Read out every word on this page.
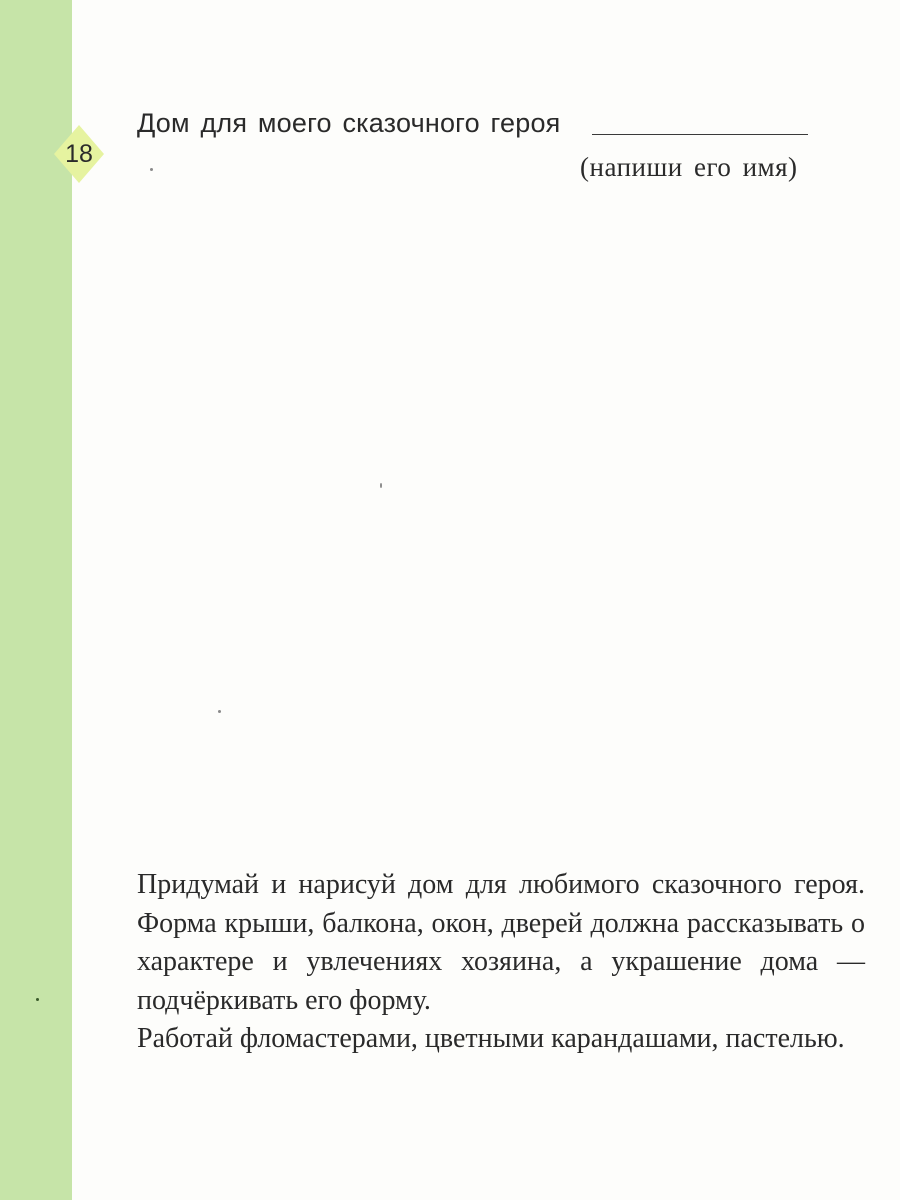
18
Дом для моего сказочного героя
(напиши его имя)

Придумай и нарисуй дом для любимого сказочного героя. Форма крыши, балкона, окон, дверей должна рассказывать о характере и увлечениях хозяина, а украшение дома — подчёркивать его форму.

Работай фломастерами, цветными карандашами, пастелью.
